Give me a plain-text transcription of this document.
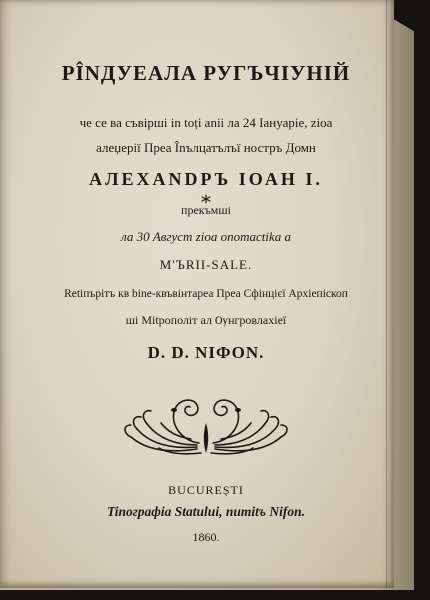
РÎNДУЕАЛА РУГЪЧІУНІЙ
че се ва съвірші in toți anii ла 24 Iaнуаріе, zioa
алеџерії Преа Înълцатълъї ностръ Домн
АЛЕXANDРЪ IОАН I.
прекъмші
ла 30 Август zioa onomactika a
М'ЪRII-SALE.
Retiпърітъ кв bine-квъвінтареа Преа Сфінцієї Архіепіскоп
ші Mitрополіт ал Ѹнгровлахіеї
D. D. NIФON.
BUCUREȘTI
Tinoграфiа Statului, numitъ Nifon.
1860.
